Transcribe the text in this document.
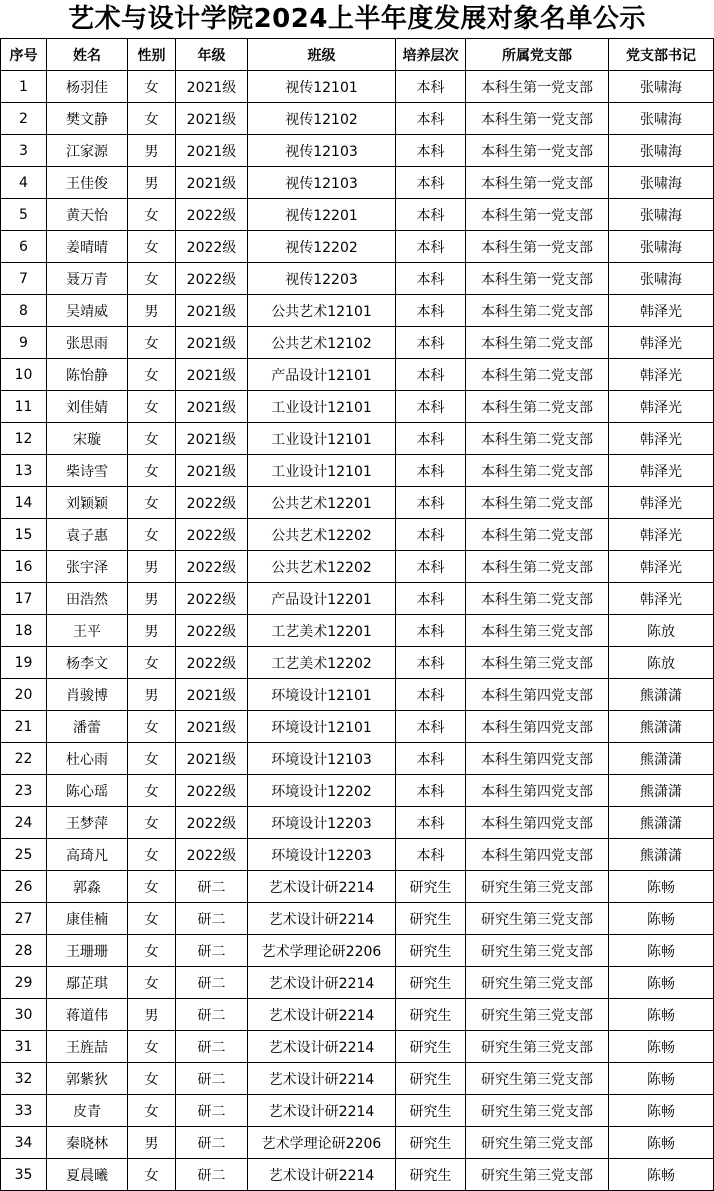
艺术与设计学院2024上半年度发展对象名单公示
序号	姓名	性别	年级	班级	培养层次	所属党支部	党支部书记
1	杨羽佳	女	2021级	视传12101	本科	本科生第一党支部	张啸海
2	樊文静	女	2021级	视传12102	本科	本科生第一党支部	张啸海
3	江家源	男	2021级	视传12103	本科	本科生第一党支部	张啸海
4	王佳俊	男	2021级	视传12103	本科	本科生第一党支部	张啸海
5	黄天怡	女	2022级	视传12201	本科	本科生第一党支部	张啸海
6	姜晴晴	女	2022级	视传12202	本科	本科生第一党支部	张啸海
7	聂万青	女	2022级	视传12203	本科	本科生第一党支部	张啸海
8	吴靖威	男	2021级	公共艺术12101	本科	本科生第二党支部	韩泽光
9	张思雨	女	2021级	公共艺术12102	本科	本科生第二党支部	韩泽光
10	陈怡静	女	2021级	产品设计12101	本科	本科生第二党支部	韩泽光
11	刘佳婧	女	2021级	工业设计12101	本科	本科生第二党支部	韩泽光
12	宋璇	女	2021级	工业设计12101	本科	本科生第二党支部	韩泽光
13	柴诗雪	女	2021级	工业设计12101	本科	本科生第二党支部	韩泽光
14	刘颖颖	女	2022级	公共艺术12201	本科	本科生第二党支部	韩泽光
15	袁子惠	女	2022级	公共艺术12202	本科	本科生第二党支部	韩泽光
16	张宇泽	男	2022级	公共艺术12202	本科	本科生第二党支部	韩泽光
17	田浩然	男	2022级	产品设计12201	本科	本科生第二党支部	韩泽光
18	王平	男	2022级	工艺美术12201	本科	本科生第三党支部	陈放
19	杨李文	女	2022级	工艺美术12202	本科	本科生第三党支部	陈放
20	肖骏博	男	2021级	环境设计12101	本科	本科生第四党支部	熊潇潇
21	潘蕾	女	2021级	环境设计12101	本科	本科生第四党支部	熊潇潇
22	杜心雨	女	2021级	环境设计12103	本科	本科生第四党支部	熊潇潇
23	陈心瑶	女	2022级	环境设计12202	本科	本科生第四党支部	熊潇潇
24	王梦萍	女	2022级	环境设计12203	本科	本科生第四党支部	熊潇潇
25	高琦凡	女	2022级	环境设计12203	本科	本科生第四党支部	熊潇潇
26	郭淼	女	研二	艺术设计研2214	研究生	研究生第三党支部	陈畅
27	康佳楠	女	研二	艺术设计研2214	研究生	研究生第三党支部	陈畅
28	王珊珊	女	研二	艺术学理论研2206	研究生	研究生第三党支部	陈畅
29	鄢芷琪	女	研二	艺术设计研2214	研究生	研究生第三党支部	陈畅
30	蒋道伟	男	研二	艺术设计研2214	研究生	研究生第三党支部	陈畅
31	王旌喆	女	研二	艺术设计研2214	研究生	研究生第三党支部	陈畅
32	郭紫狄	女	研二	艺术设计研2214	研究生	研究生第三党支部	陈畅
33	皮青	女	研二	艺术设计研2214	研究生	研究生第三党支部	陈畅
34	秦晓林	男	研二	艺术学理论研2206	研究生	研究生第三党支部	陈畅
35	夏晨曦	女	研二	艺术设计研2214	研究生	研究生第三党支部	陈畅
